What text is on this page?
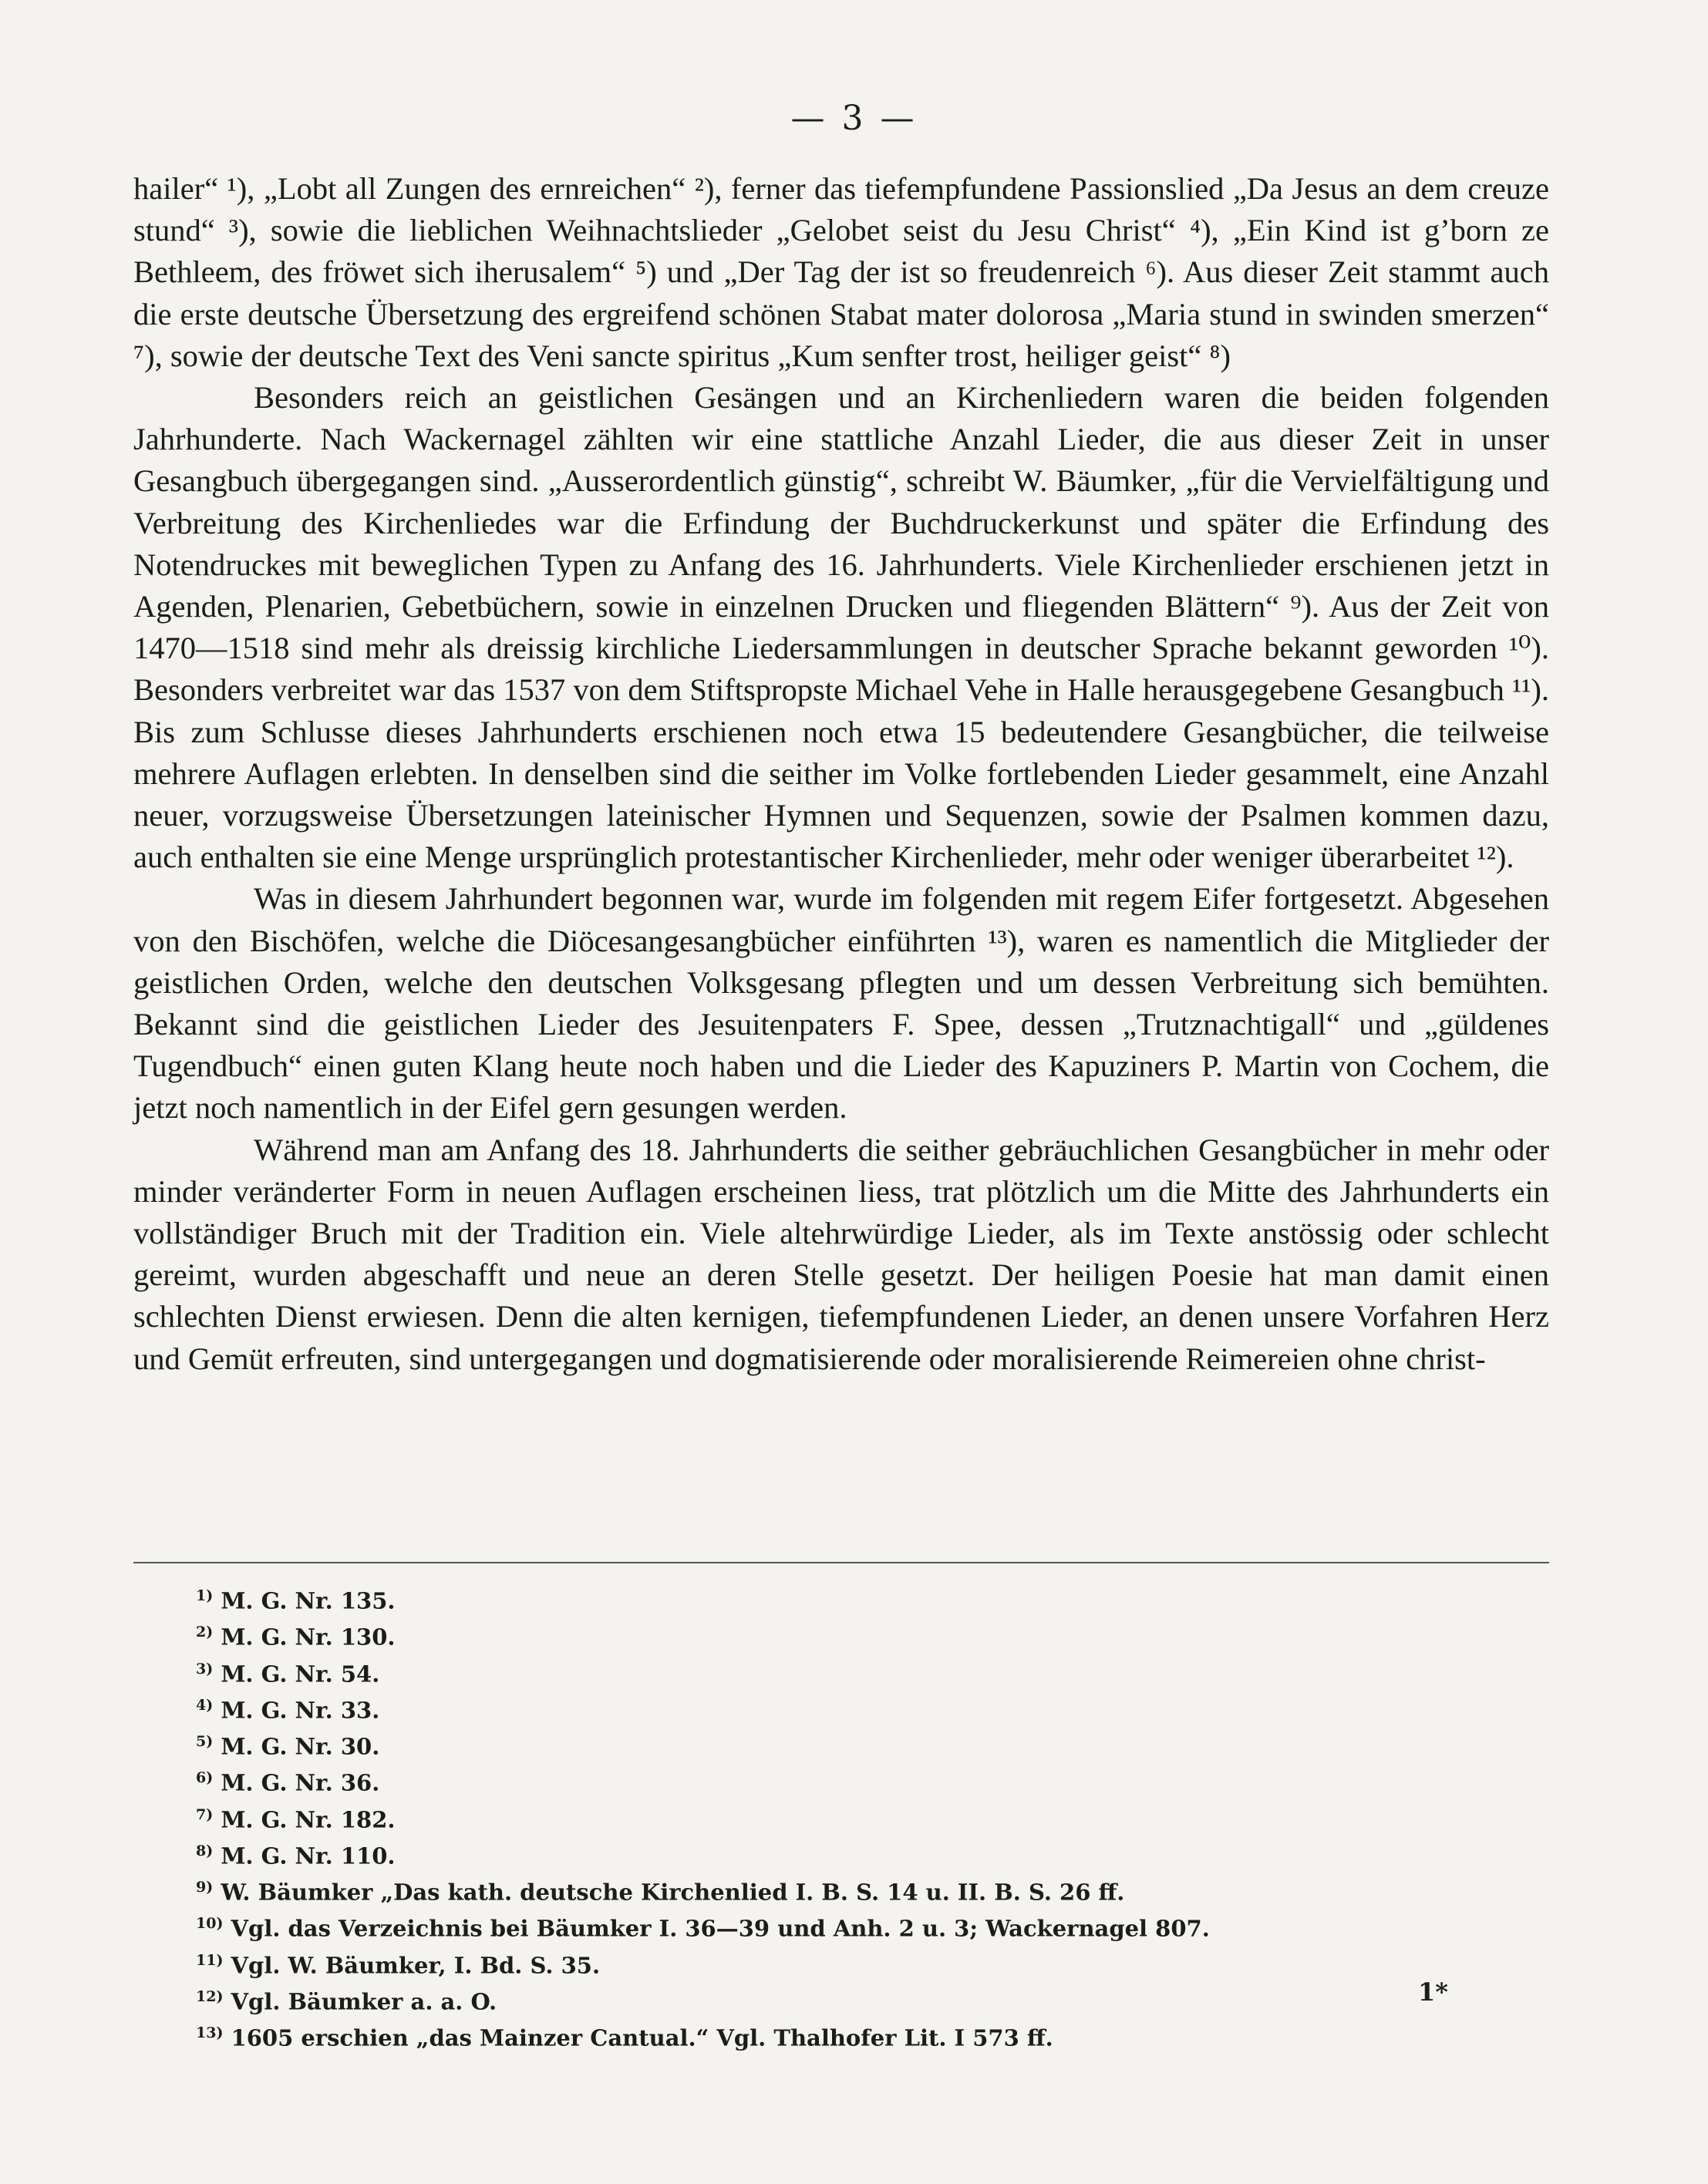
— 3 —

hailer“ ¹), „Lobt all Zungen des ernreichen“ ²), ferner das tiefempfundene Passionslied „Da Jesus an dem creuze stund“ ³), sowie die lieblichen Weihnachtslieder „Gelobet seist du Jesu Christ“ ⁴), „Ein Kind ist g’born ze Bethleem, des fröwet sich iherusalem“ ⁵) und „Der Tag der ist so freudenreich ⁶). Aus dieser Zeit stammt auch die erste deutsche Übersetzung des ergreifend schönen Stabat mater dolorosa „Maria stund in swinden smerzen“ ⁷), sowie der deutsche Text des Veni sancte spiritus „Kum senfter trost, heiliger geist“ ⁸)

Besonders reich an geistlichen Gesängen und an Kirchenliedern waren die beiden folgenden Jahrhunderte. Nach Wackernagel zählten wir eine stattliche Anzahl Lieder, die aus dieser Zeit in unser Gesangbuch übergegangen sind. „Ausserordentlich günstig“, schreibt W. Bäumker, „für die Vervielfältigung und Verbreitung des Kirchenliedes war die Erfindung der Buchdruckerkunst und später die Erfindung des Notendruckes mit beweglichen Typen zu Anfang des 16. Jahrhunderts. Viele Kirchenlieder erschienen jetzt in Agenden, Plenarien, Gebetbüchern, sowie in einzelnen Drucken und fliegenden Blättern“ ⁹). Aus der Zeit von 1470—1518 sind mehr als dreissig kirchliche Liedersammlungen in deutscher Sprache bekannt geworden ¹⁰). Besonders verbreitet war das 1537 von dem Stiftspropste Michael Vehe in Halle herausgegebene Gesangbuch ¹¹). Bis zum Schlusse dieses Jahrhunderts erschienen noch etwa 15 bedeutendere Gesangbücher, die teilweise mehrere Auflagen erlebten. In denselben sind die seither im Volke fortlebenden Lieder gesammelt, eine Anzahl neuer, vorzugsweise Übersetzungen lateinischer Hymnen und Sequenzen, sowie der Psalmen kommen dazu, auch enthalten sie eine Menge ursprünglich protestantischer Kirchenlieder, mehr oder weniger überarbeitet ¹²).

Was in diesem Jahrhundert begonnen war, wurde im folgenden mit regem Eifer fortgesetzt. Abgesehen von den Bischöfen, welche die Diöcesangesangbücher einführten ¹³), waren es namentlich die Mitglieder der geistlichen Orden, welche den deutschen Volksgesang pflegten und um dessen Verbreitung sich bemühten. Bekannt sind die geistlichen Lieder des Jesuitenpaters F. Spee, dessen „Trutznachtigall“ und „güldenes Tugendbuch“ einen guten Klang heute noch haben und die Lieder des Kapuziners P. Martin von Cochem, die jetzt noch namentlich in der Eifel gern gesungen werden.

Während man am Anfang des 18. Jahrhunderts die seither gebräuchlichen Gesangbücher in mehr oder minder veränderter Form in neuen Auflagen erscheinen liess, trat plötzlich um die Mitte des Jahrhunderts ein vollständiger Bruch mit der Tradition ein. Viele altehrwürdige Lieder, als im Texte anstössig oder schlecht gereimt, wurden abgeschafft und neue an deren Stelle gesetzt. Der heiligen Poesie hat man damit einen schlechten Dienst erwiesen. Denn die alten kernigen, tiefempfundenen Lieder, an denen unsere Vorfahren Herz und Gemüt erfreuten, sind untergegangen und dogmatisierende oder moralisierende Reimereien ohne christ-

$^{1)}$ M. G. Nr. 135.
$^{2)}$ M. G. Nr. 130.
$^{3)}$ M. G. Nr. 54.
$^{4)}$ M. G. Nr. 33.
$^{5)}$ M. G. Nr. 30.
$^{6)}$ M. G. Nr. 36.
$^{7)}$ M. G. Nr. 182.
$^{8)}$ M. G. Nr. 110.
$^{9)}$ W. Bäumker „Das kath. deutsche Kirchenlied I. B. S. 14 u. II. B. S. 26 ff.
$^{10)}$ Vgl. das Verzeichnis bei Bäumker I. 36—39 und Anh. 2 u. 3; Wackernagel 807.
$^{11)}$ Vgl. W. Bäumker, I. Bd. S. 35.
$^{12)}$ Vgl. Bäumker a. a. O.
$^{13)}$ 1605 erschien „das Mainzer Cantual.“ Vgl. Thalhofer Lit. I 573 ff.
1*
